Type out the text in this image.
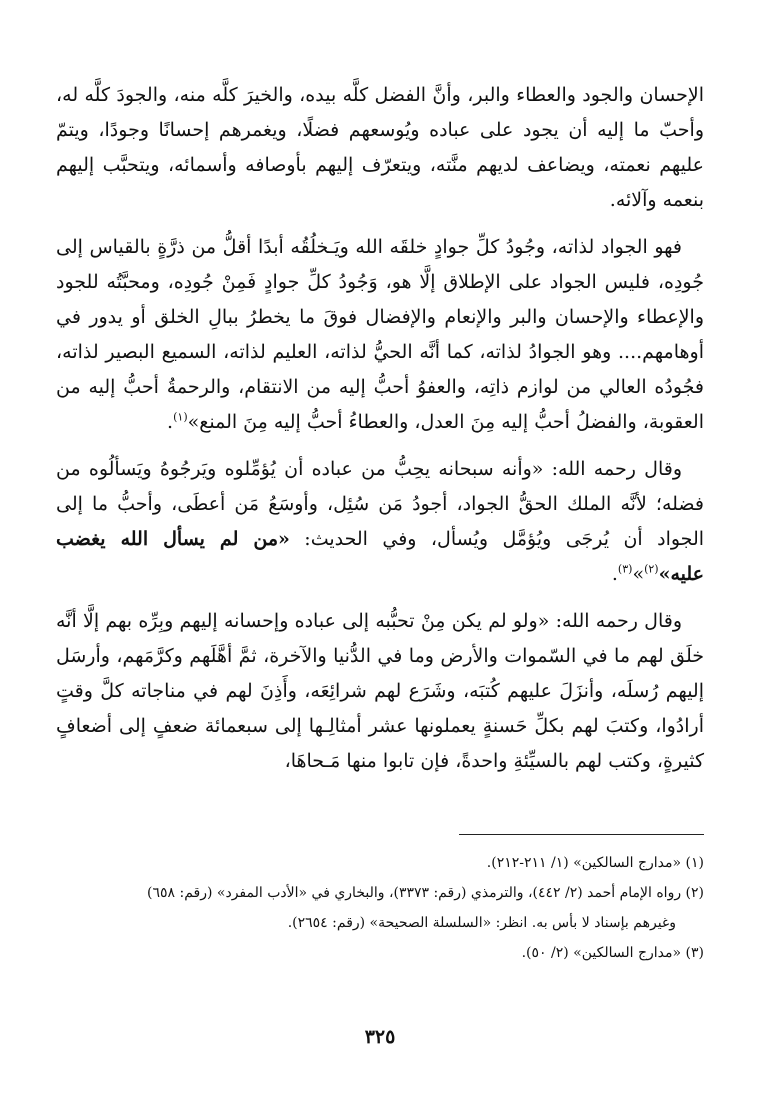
الإحسان والجود والعطاء والبر، وأنَّ الفضل كلَّه بيده، والخيرَ كلَّه منه، والجودَ كلَّه له، وأحبّ ما إليه أن يجود على عباده ويُوسعهم فضلًا، ويغمرهم إحسانًا وجودًا، ويتمّ عليهم نعمته، ويضاعف لديهم منَّته، ويتعرّف إليهم بأوصافه وأسمائه، ويتحبَّب إليهم بنعمه وآلائه.

فهو الجواد لذاته، وجُودُ كلِّ جوادٍ خلقَه الله ويَـخلُقُه أبدًا أقلُّ من ذرَّةٍ بالقياس إلى جُودِه، فليس الجواد على الإطلاق إلَّا هو، وَجُودُ كلِّ جوادٍ فَمِنْ جُودِه، ومحبَّتُه للجود والإعطاء والإحسان والبر والإنعام والإفضال فوقَ ما يخطرُ ببالِ الخلق أو يدور في أوهامهم.... وهو الجوادُ لذاته، كما أنَّه الحيُّ لذاته، العليم لذاته، السميع البصير لذاته، فجُودُه العالي من لوازم ذاتِه، والعفوُ أحبُّ إليه من الانتقام، والرحمةُ أحبُّ إليه من العقوبة، والفضلُ أحبُّ إليه مِنَ العدل، والعطاءُ أحبُّ إليه مِنَ المنع»$^{(١)}$.

وقال رحمه الله: «وأنه سبحانه يحِبُّ من عباده أن يُؤمِّلوه ويَرجُوهُ ويَسألُوه من فضله؛ لأنَّه الملك الحقُّ الجواد، أجودُ مَن سُئِل، وأوسَعُ مَن أعطَى، وأحبُّ ما إلى الجواد أن يُرجَى ويُؤمَّل ويُسأل، وفي الحديث: «من لم يسأل الله يغضب عليه»$^{(٢)}$»$^{(٣)}$.

وقال رحمه الله: «ولو لم يكن مِنْ تحبُّبه إلى عباده وإحسانه إليهم وبِرِّه بهم إلَّا أنَّه خلَق لهم ما في السّموات والأرض وما في الدُّنيا والآخرة، ثمَّ أهَّلَهم وكرَّمَهم، وأرسَل إليهم رُسلَه، وأنزَلَ عليهم كُتبَه، وشَرَع لهم شرائِعَه، وأَذِنَ لهم في مناجاته كلَّ وقتٍ أرادُوا، وكتبَ لهم بكلِّ حَسنةٍ يعملونها عشر أمثالِـها إلى سبعمائة ضعفٍ إلى أضعافٍ كثيرةٍ، وكتب لهم بالسيِّئةِ واحدةً، فإن تابوا منها مَـحاهَا،

(١) «مدارج السالكين» (١/ ٢١١-٢١٢).

(٢) رواه الإمام أحمد (٢/ ٤٤٢)، والترمذي (رقم: ٣٣٧٣)، والبخاري في «الأدب المفرد» (رقم: ٦٥٨)

وغيرهم بإسناد لا بأس به. انظر: «السلسلة الصحيحة» (رقم: ٢٦٥٤).

(٣) «مدارج السالكين» (٢/ ٥٠).

٣٢٥
